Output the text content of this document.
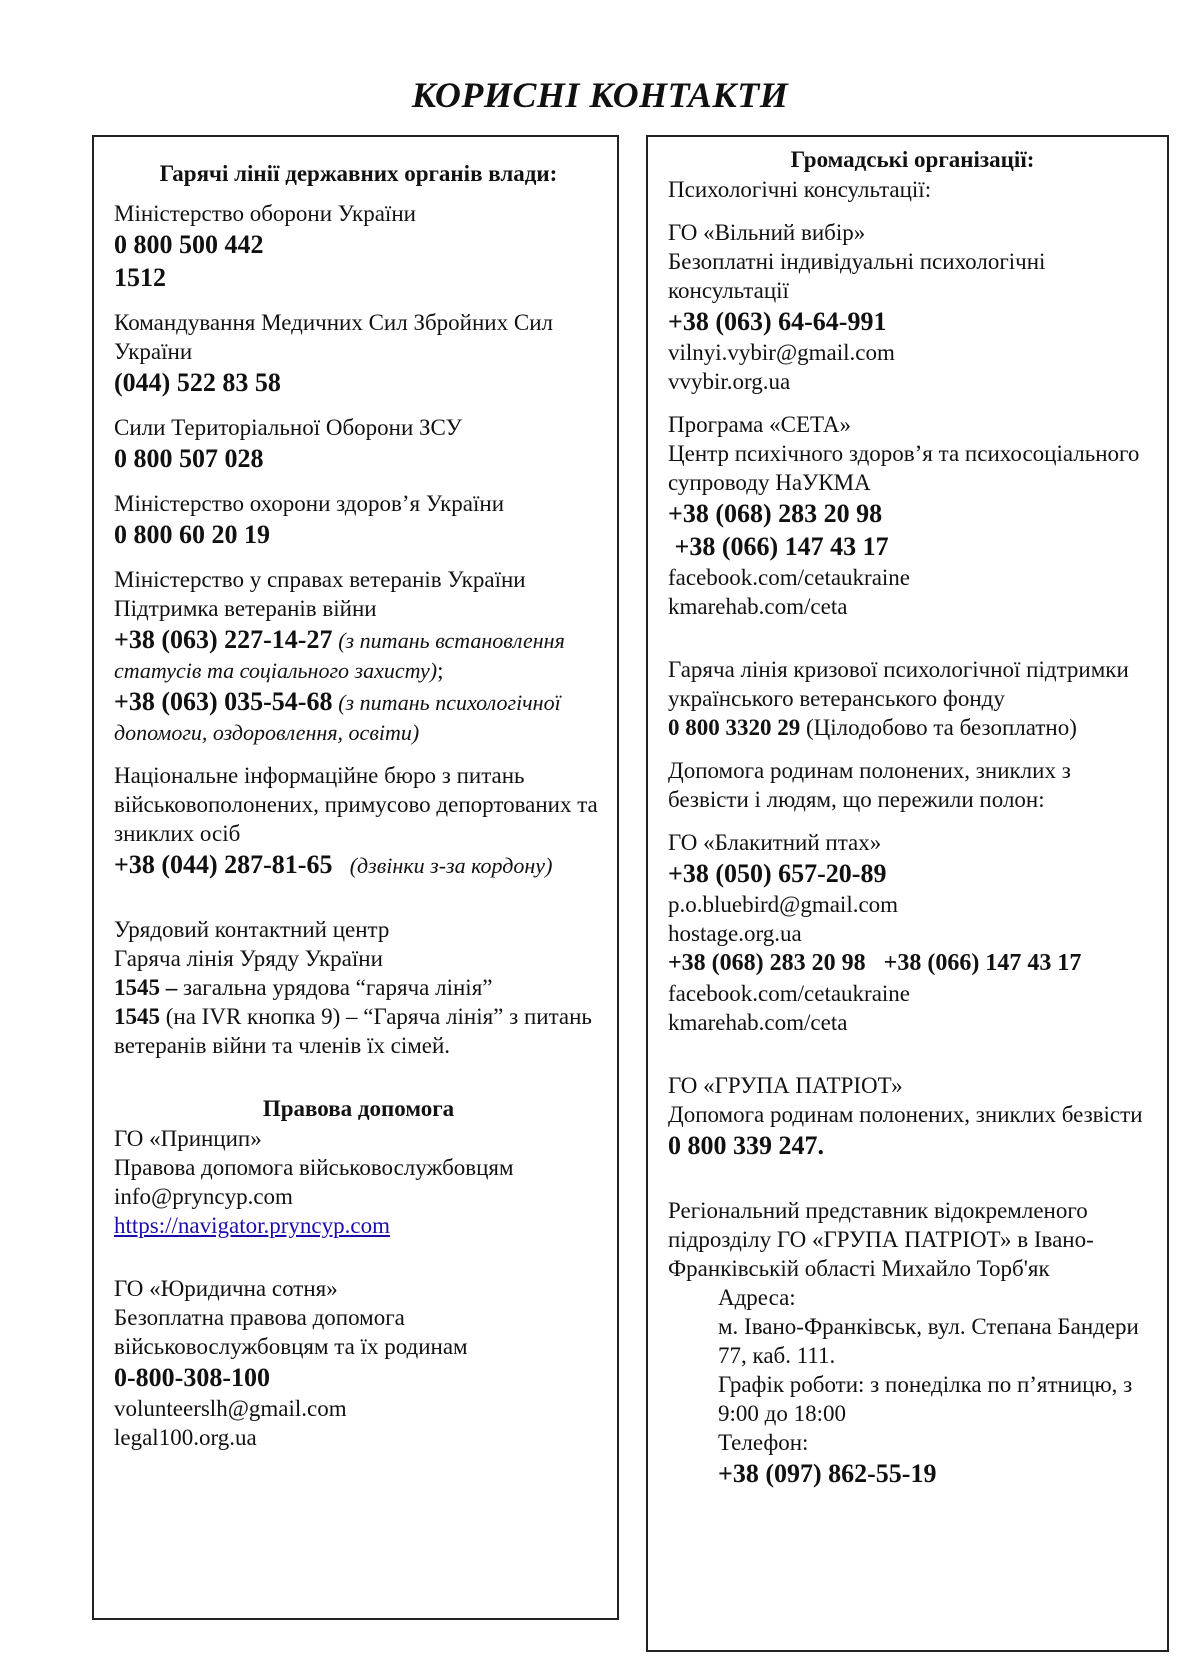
КОРИСНІ КОНТАКТИ
Гарячі лінії державних органів влади:
Міністерство оборони України
0 800 500 442
1512
Командування Медичних Сил Збройних Сил України
(044) 522 83 58
Сили Територіальної Оборони ЗСУ
0 800 507 028
Міністерство охорони здоров’я України
0 800 60 20 19
Міністерство у справах ветеранів України
Підтримка ветеранів війни
+38 (063) 227-14-27 (з питань встановлення статусів та соціального захисту);
+38 (063) 035-54-68 (з питань психологічної допомоги, оздоровлення, освіти)
Національне інформаційне бюро з питань військовополонених, примусово депортованих та зниклих осіб
+38 (044) 287-81-65 (дзвінки з-за кордону)
Урядовий контактний центр
Гаряча лінія Уряду України
1545 – загальна урядова “гаряча лінія”
1545 (на IVR кнопка 9) – “Гаряча лінія” з питань ветеранів війни та членів їх сімей.
Правова допомога
ГО «Принцип»
Правова допомога військовослужбовцям
info@pryncyp.com
https://navigator.pryncyp.com
ГО «Юридична сотня»
Безоплатна правова допомога військовослужбовцям та їх родинам
0-800-308-100
volunteerslh@gmail.com
legal100.org.ua
Громадські організації:
Психологічні консультації:
ГО «Вільний вибір»
Безоплатні індивідуальні психологічні консультації
+38 (063) 64-64-991
vilnyi.vybir@gmail.com
vvybir.org.ua
Програма «СЕТА»
Центр психічного здоров’я та психосоціального супроводу НаУКМА
+38 (068) 283 20 98
+38 (066) 147 43 17
facebook.com/cetaukraine
kmarehab.com/ceta
Гаряча лінія кризової психологічної підтримки українського ветеранського фонду
0 800 3320 29 (Цілодобово та безоплатно)
Допомога родинам полонених, зниклих з безвісти і людям, що пережили полон:
ГО «Блакитний птах»
+38 (050) 657-20-89
p.o.bluebird@gmail.com
hostage.org.ua
+38 (068) 283 20 98   +38 (066) 147 43 17
facebook.com/cetaukraine
kmarehab.com/ceta
ГО «ГРУПА ПАТРІОТ»
Допомога родинам полонених, зниклих безвісти
0 800 339 247.
Регіональний представник відокремленого підрозділу ГО «ГРУПА ПАТРІОТ» в Івано-Франківській області Михайло Торб'як
Адреса:
м. Івано-Франківськ, вул. Степана Бандери 77, каб. 111.
Графік роботи: з понеділка по п’ятницю, з 9:00 до 18:00
Телефон:
+38 (097) 862-55-19
